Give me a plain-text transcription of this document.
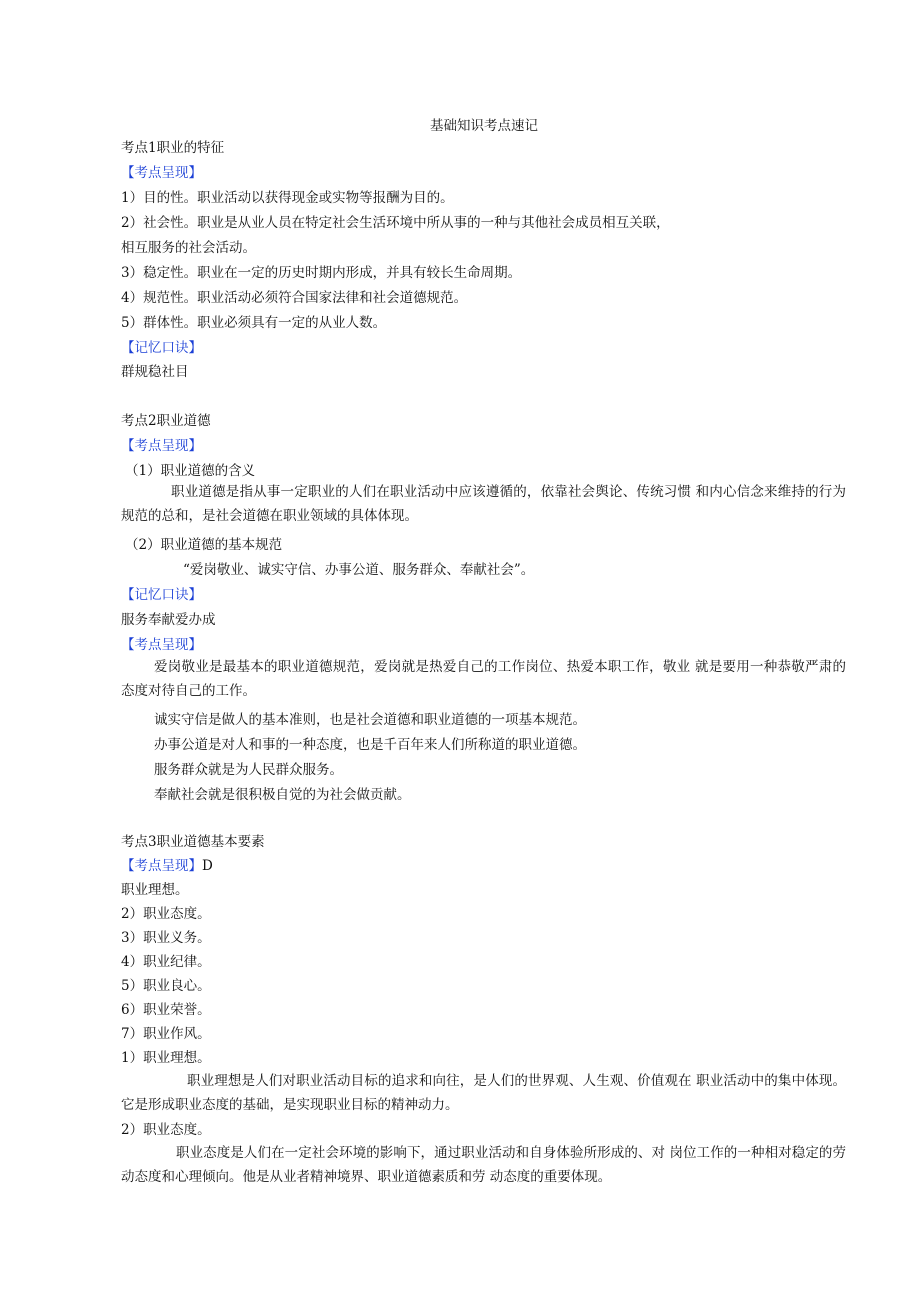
基础知识考点速记
考点1职业的特征
【考点呈现】
1）目的性。职业活动以获得现金或实物等报酬为目的。
2）社会性。职业是从业人员在特定社会生活环境中所从事的一种与其他社会成员相互关联，
相互服务的社会活动。
3）稳定性。职业在一定的历史时期内形成，并具有较长生命周期。
4）规范性。职业活动必须符合国家法律和社会道德规范。
5）群体性。职业必须具有一定的从业人数。
【记忆口诀】
群规稳社目
考点2职业道德
【考点呈现】
（1）职业道德的含义
职业道德是指从事一定职业的人们在职业活动中应该遵循的，依靠社会舆论、传统习惯 和内心信念来维持的行为规范的总和，是社会道德在职业领域的具体体现。
（2）职业道德的基本规范
“爱岗敬业、诚实守信、办事公道、服务群众、奉献社会”。
【记忆口诀】
服务奉献爱办成
【考点呈现】
爱岗敬业是最基本的职业道德规范，爱岗就是热爱自己的工作岗位、热爱本职工作，敬业 就是要用一种恭敬严肃的态度对待自己的工作。
诚实守信是做人的基本准则，也是社会道德和职业道德的一项基本规范。
办事公道是对人和事的一种态度，也是千百年来人们所称道的职业道德。
服务群众就是为人民群众服务。
奉献社会就是很积极自觉的为社会做贡献。
考点3职业道德基本要素
【考点呈现】D
职业理想。
2）职业态度。
3）职业义务。
4）职业纪律。
5）职业良心。
6）职业荣誉。
7）职业作风。
1）职业理想。
职业理想是人们对职业活动目标的追求和向往，是人们的世界观、人生观、价值观在 职业活动中的集中体现。它是形成职业态度的基础，是实现职业目标的精神动力。
2）职业态度。
职业态度是人们在一定社会环境的影响下，通过职业活动和自身体验所形成的、对 岗位工作的一种相对稳定的劳动态度和心理倾向。他是从业者精神境界、职业道德素质和劳 动态度的重要体现。
